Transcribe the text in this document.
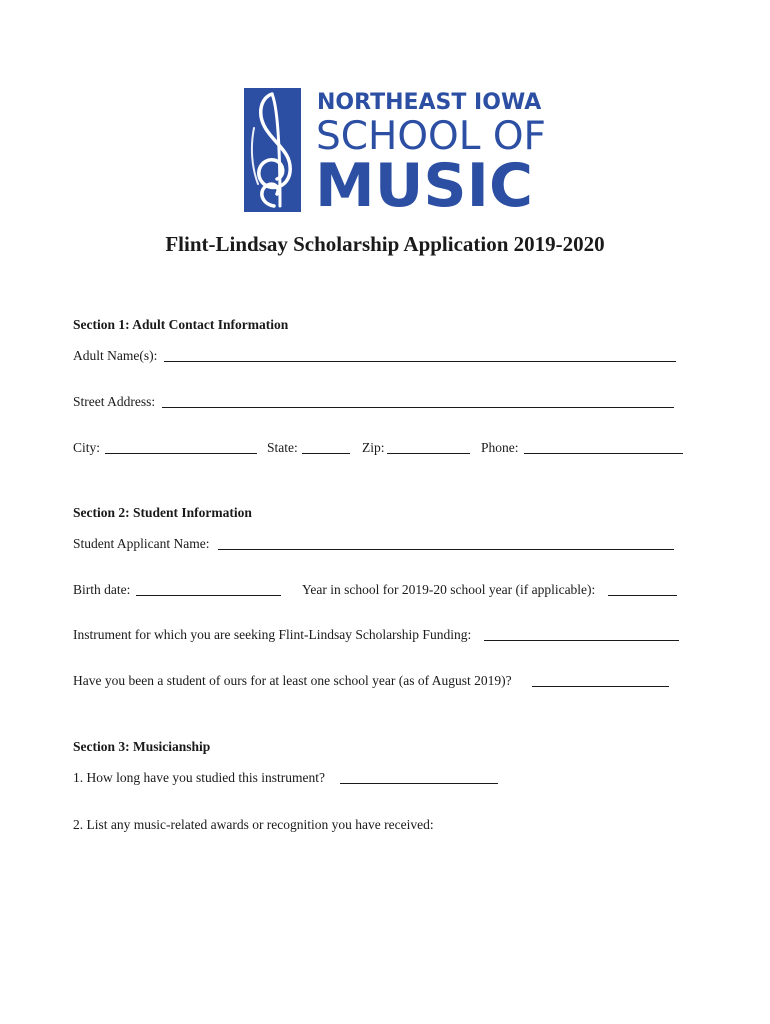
NORTHEAST IOWA
SCHOOL OF
MUSIC
Flint-Lindsay Scholarship Application 2019-2020
Section 1: Adult Contact Information
Adult Name(s):
Street Address:
City:	State:	Zip:	Phone:
Section 2: Student Information
Student Applicant Name:
Birth date:	Year in school for 2019-20 school year (if applicable):
Instrument for which you are seeking Flint-Lindsay Scholarship Funding:
Have you been a student of ours for at least one school year (as of August 2019)?
Section 3: Musicianship
1. How long have you studied this instrument?
2. List any music-related awards or recognition you have received:
